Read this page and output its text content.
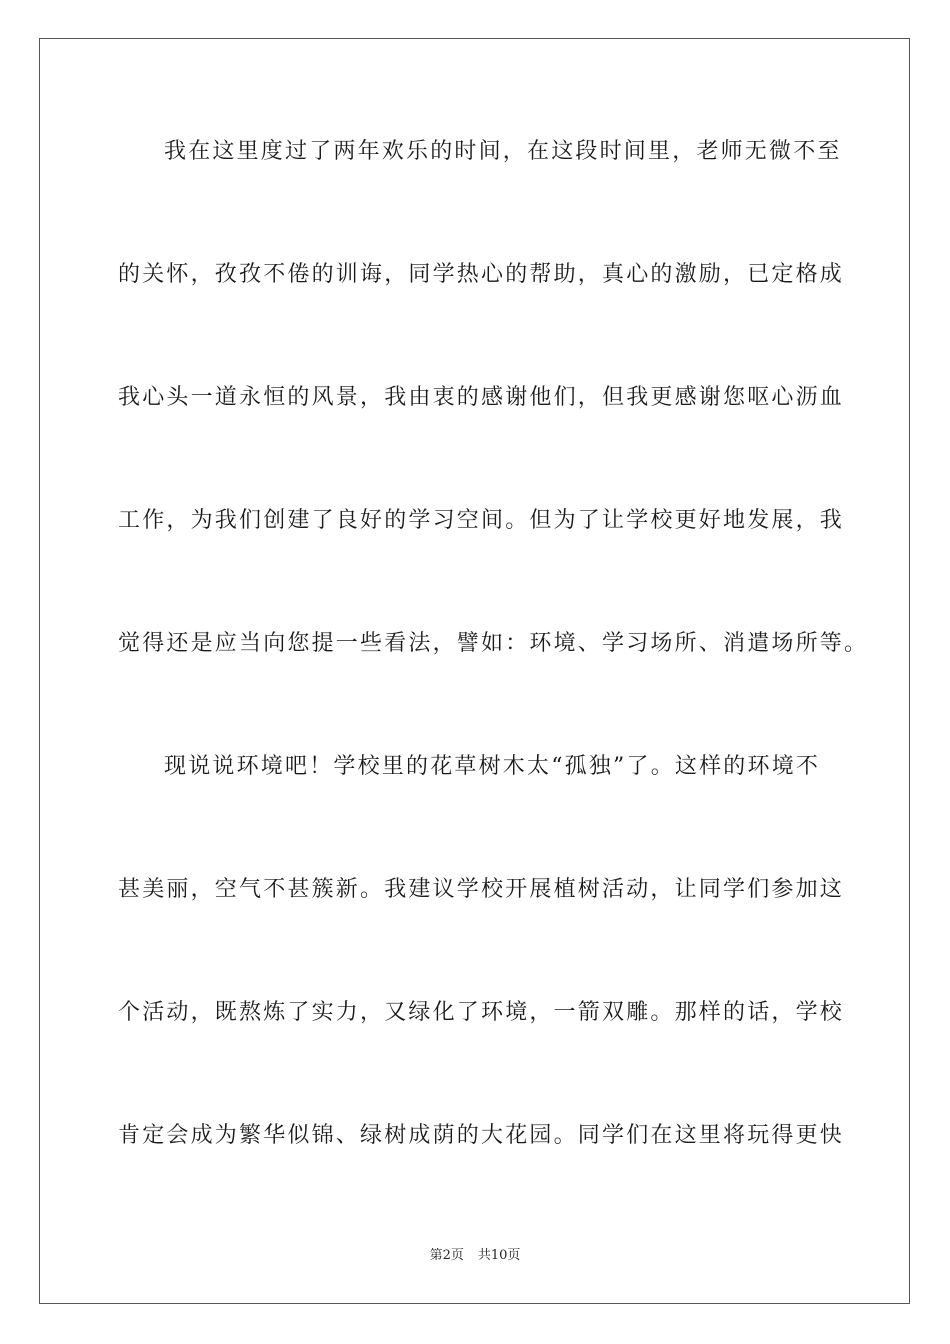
我在这里度过了两年欢乐的时间，在这段时间里，老师无微不至
的关怀，孜孜不倦的训诲，同学热心的帮助，真心的激励，已定格成
我心头一道永恒的风景，我由衷的感谢他们，但我更感谢您呕心沥血
工作，为我们创建了良好的学习空间。但为了让学校更好地发展，我
觉得还是应当向您提一些看法，譬如：环境、学习场所、消遣场所等。
现说说环境吧！学校里的花草树木太“孤独”了。这样的环境不
甚美丽，空气不甚簇新。我建议学校开展植树活动，让同学们参加这
个活动，既熬炼了实力，又绿化了环境，一箭双雕。那样的话，学校
肯定会成为繁华似锦、绿树成荫的大花园。同学们在这里将玩得更快
第2页 共10页
